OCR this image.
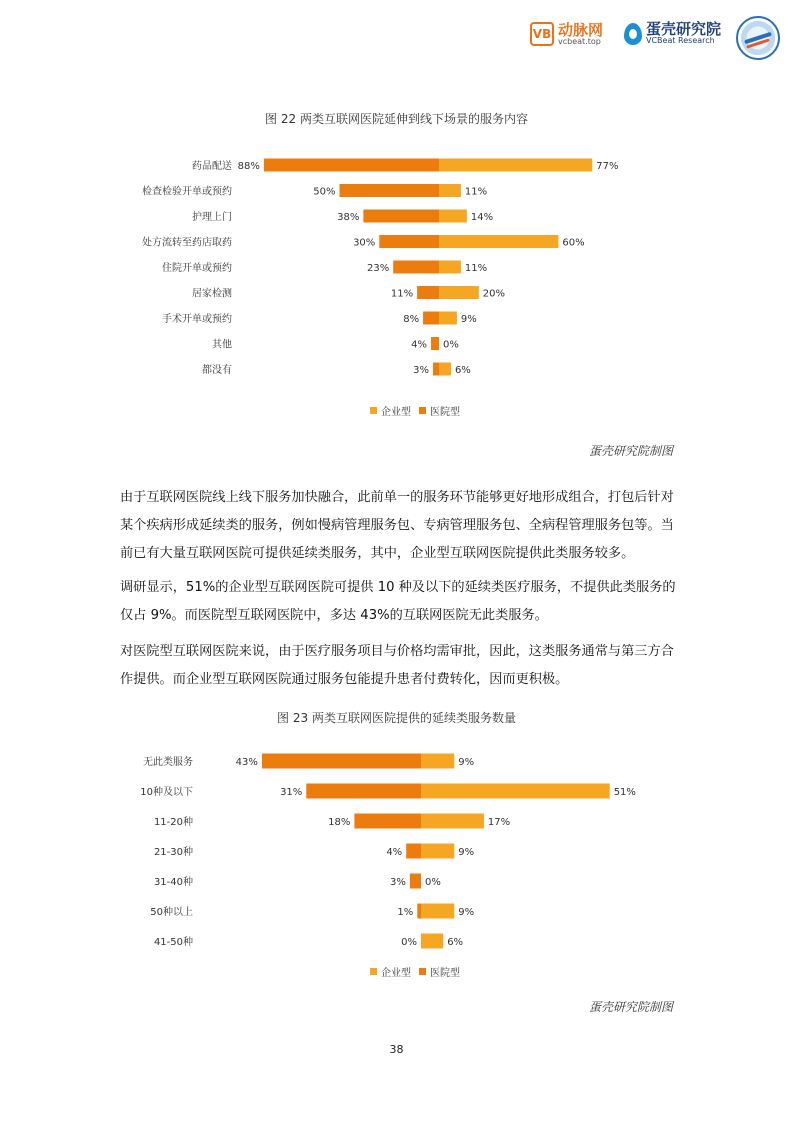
VB 动脉网
vcbeat.top
蛋壳研究院
VCBeat Research
图 22 两类互联网医院延伸到线下场景的服务内容
药品配送 88%	77%
检查检验开单或预约	50%	11%
护理上门	38%	14%
处方流转至药店取药	30%	60%
住院开单或预约	23%	11%
居家检测	11%	20%
手术开单或预约	8%	9%
其他	4% 0%
都没有	3%	6%
企业型 医院型
蛋壳研究院制图

由于互联网医院线上线下服务加快融合，此前单一的服务环节能够更好地形成组合，打包后针对某个疾病形成延续类的服务，例如慢病管理服务包、专病管理服务包、全病程管理服务包等。当前已有大量互联网医院可提供延续类服务，其中，企业型互联网医院提供此类服务较多。

调研显示，51%的企业型互联网医院可提供 10 种及以下的延续类医疗服务，不提供此类服务的仅占 9%。而医院型互联网医院中，多达 43%的互联网医院无此类服务。

对医院型互联网医院来说，由于医疗服务项目与价格均需审批，因此，这类服务通常与第三方合作提供。而企业型互联网医院通过服务包能提升患者付费转化，因而更积极。

图 23 两类互联网医院提供的延续类服务数量
无此类服务	43%	9%
10种及以下	31%	51%
11-20种	18%	17%
21-30种	4%	9%
31-40种	3% 0%
50种以上	1%	9%
41-50种	0%	6%
企业型 医院型
蛋壳研究院制图
38
